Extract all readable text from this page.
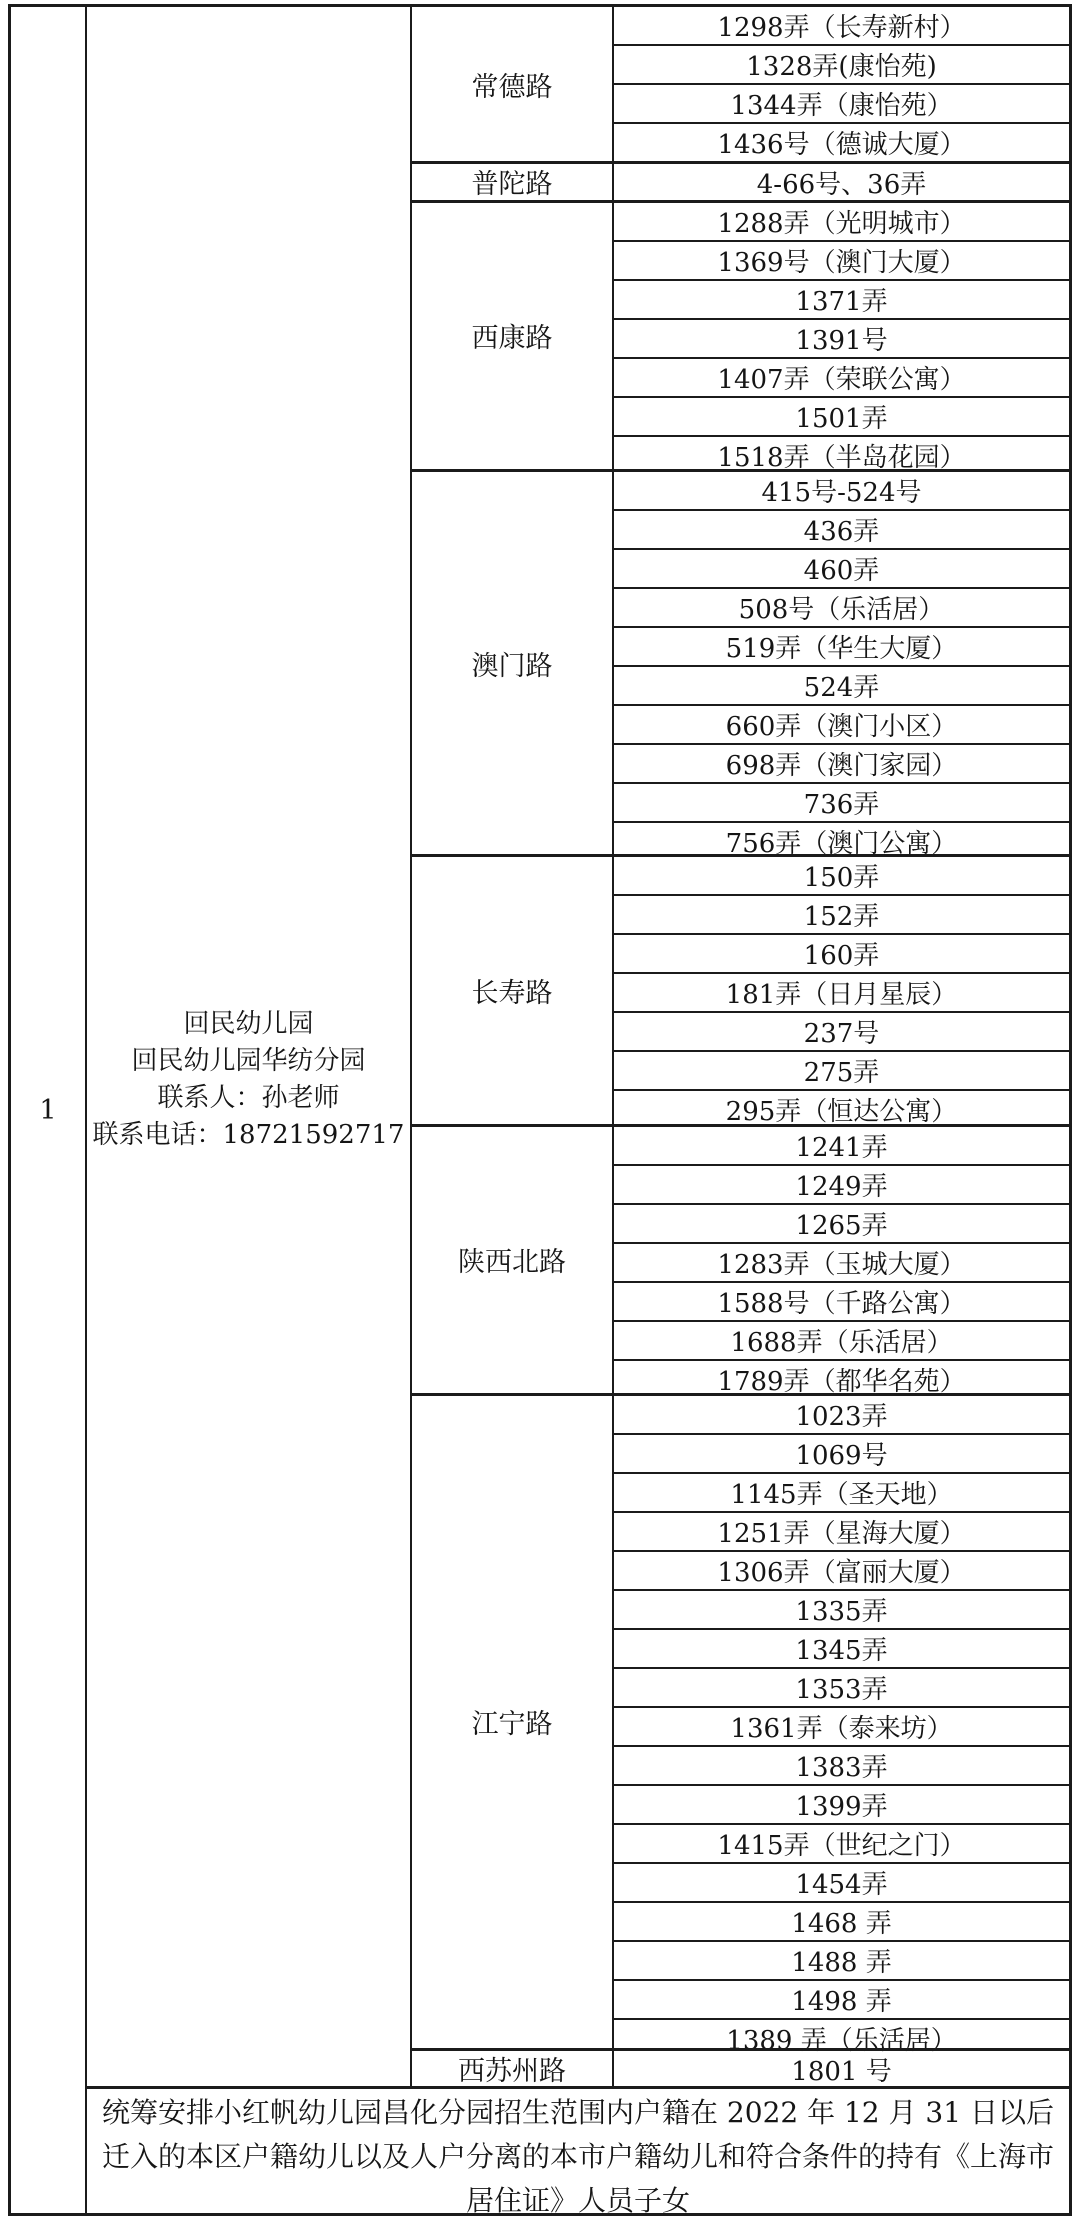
1
回民幼儿园
回民幼儿园华纺分园
联系人：孙老师
联系电话：18721592717
常德路
1298弄（长寿新村）
1328弄(康怡苑)
1344弄（康怡苑）
1436号（德诚大厦）
普陀路	4-66号、36弄
西康路
1288弄（光明城市）
1369号（澳门大厦）
1371弄
1391号
1407弄（荣联公寓）
1501弄
1518弄（半岛花园）
澳门路
415号-524号
436弄
460弄
508号（乐活居）
519弄（华生大厦）
524弄
660弄（澳门小区）
698弄（澳门家园）
736弄
756弄（澳门公寓）
长寿路
150弄
152弄
160弄
181弄（日月星辰）
237号
275弄
295弄（恒达公寓）
陕西北路
1241弄
1249弄
1265弄
1283弄（玉城大厦）
1588号（千路公寓）
1688弄（乐活居）
1789弄（都华名苑）
江宁路
1023弄
1069号
1145弄（圣天地）
1251弄（星海大厦）
1306弄（富丽大厦）
1335弄
1345弄
1353弄
1361弄（泰来坊）
1383弄
1399弄
1415弄（世纪之门）
1454弄
1468 弄
1488 弄
1498 弄
1389 弄（乐活居）
西苏州路	1801 号
统筹安排小红帆幼儿园昌化分园招生范围内户籍在 2022 年 12 月 31 日以后迁入的本区户籍幼儿以及人户分离的本市户籍幼儿和符合条件的持有《上海市居住证》人员子女
